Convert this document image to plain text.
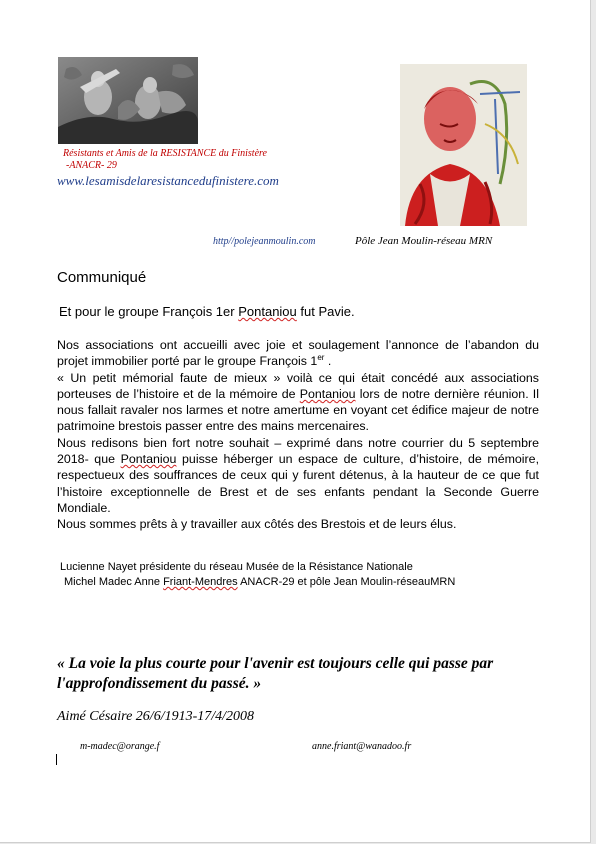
Résistants et Amis de la RESISTANCE du Finistère
-ANACR- 29
www.lesamisdelaresistancedufinistere.com
http//polejeanmoulin.com	Pôle Jean Moulin-réseau MRN
Communiqué
Et pour le groupe François 1er Pontaniou fut Pavie.

Nos associations ont accueilli avec joie et soulagement l’annonce de l’abandon du projet immobilier porté par le groupe François 1er .

« Un petit mémorial faute de mieux » voilà ce qui était concédé aux associations porteuses de l’histoire et de la mémoire de Pontaniou lors de notre dernière réunion. Il nous fallait ravaler nos larmes et notre amertume en voyant cet édifice majeur de notre patrimoine brestois passer entre des mains mercenaires.

Nous redisons bien fort notre souhait – exprimé dans notre courrier du 5 septembre 2018- que Pontaniou puisse héberger un espace de culture, d’histoire, de mémoire, respectueux des souffrances de ceux qui y furent détenus, à la hauteur de ce que fut l’histoire exceptionnelle de Brest et de ses enfants pendant la Seconde Guerre Mondiale.

Nous sommes prêts à y travailler aux côtés des Brestois et de leurs élus.

Lucienne Nayet présidente du réseau Musée de la Résistance Nationale
Michel Madec Anne Friant-Mendres ANACR-29 et pôle Jean Moulin-réseauMRN
« La voie la plus courte pour l'avenir est toujours celle qui passe par l'approfondissement du passé. »
Aimé Césaire 26/6/1913-17/4/2008
m-madec@orange.f	anne.friant@wanadoo.fr
